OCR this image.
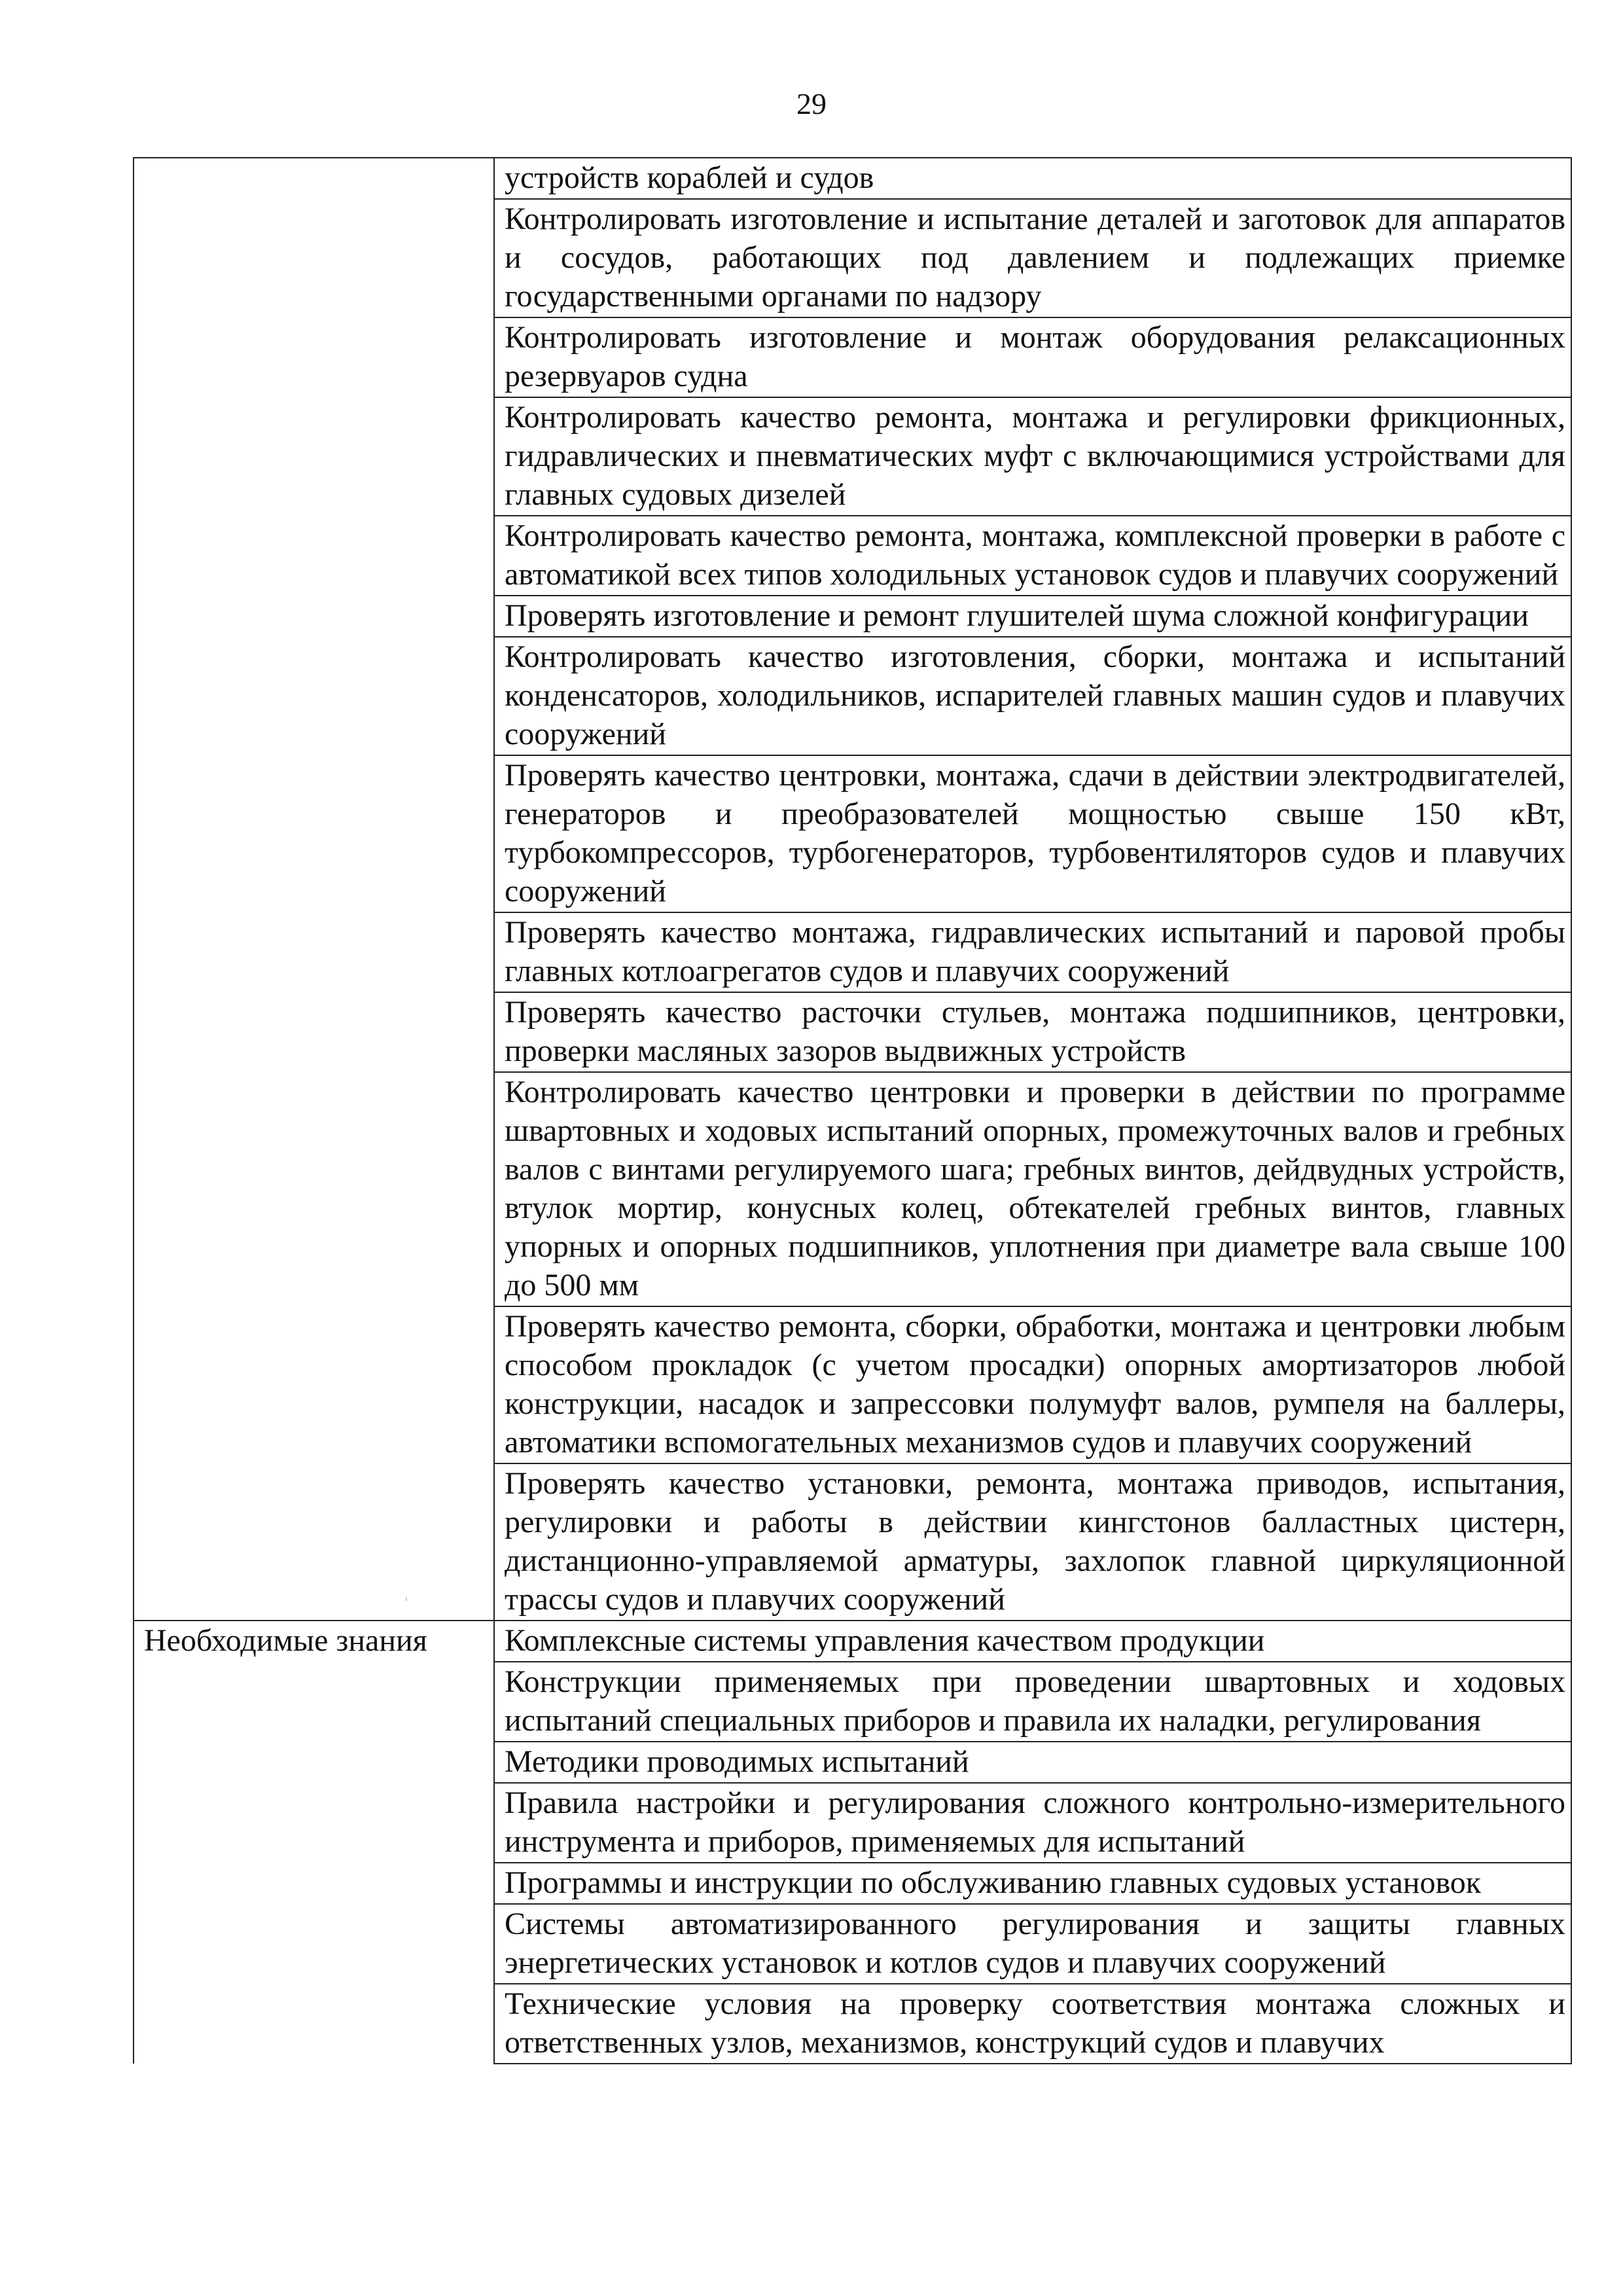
29
	устройств кораблей и судов
	Контролировать изготовление и испытание деталей и заготовок для аппаратов и сосудов, работающих под давлением и подлежащих приемке государственными органами по надзору
	Контролировать изготовление и монтаж оборудования релаксационных резервуаров судна
	Контролировать качество ремонта, монтажа и регулировки фрикционных, гидравлических и пневматических муфт с включающимися устройствами для главных судовых дизелей
	Контролировать качество ремонта, монтажа, комплексной проверки в работе с автоматикой всех типов холодильных установок судов и плавучих сооружений
	Проверять изготовление и ремонт глушителей шума сложной конфигурации
	Контролировать качество изготовления, сборки, монтажа и испытаний конденсаторов, холодильников, испарителей главных машин судов и плавучих сооружений
	Проверять качество центровки, монтажа, сдачи в действии электродвигателей, генераторов и преобразователей мощностью свыше 150 кВт, турбокомпрессоров, турбогенераторов, турбовентиляторов судов и плавучих сооружений
	Проверять качество монтажа, гидравлических испытаний и паровой пробы главных котлоагрегатов судов и плавучих сооружений
	Проверять качество расточки стульев, монтажа подшипников, центровки, проверки масляных зазоров выдвижных устройств
	Контролировать качество центровки и проверки в действии по программе швартовных и ходовых испытаний опорных, промежуточных валов и гребных валов с винтами регулируемого шага; гребных винтов, дейдвудных устройств, втулок мортир, конусных колец, обтекателей гребных винтов, главных упорных и опорных подшипников, уплотнения при диаметре вала свыше 100 до 500 мм
	Проверять качество ремонта, сборки, обработки, монтажа и центровки любым способом прокладок (с учетом просадки) опорных амортизаторов любой конструкции, насадок и запрессовки полумуфт валов, румпеля на баллеры, автоматики вспомогательных механизмов судов и плавучих сооружений
	Проверять качество установки, ремонта, монтажа приводов, испытания, регулировки и работы в действии кингстонов балластных цистерн, дистанционно-управляемой арматуры, захлопок главной циркуляционной трассы судов и плавучих сооружений

Необходимые знания	Комплексные системы управления качеством продукции
	Конструкции применяемых при проведении швартовных и ходовых испытаний специальных приборов и правила их наладки, регулирования
	Методики проводимых испытаний
	Правила настройки и регулирования сложного контрольно-измерительного инструмента и приборов, применяемых для испытаний
	Программы и инструкции по обслуживанию главных судовых установок
	Системы автоматизированного регулирования и защиты главных энергетических установок и котлов судов и плавучих сооружений
	Технические условия на проверку соответствия монтажа сложных и ответственных узлов, механизмов, конструкций судов и плавучих
